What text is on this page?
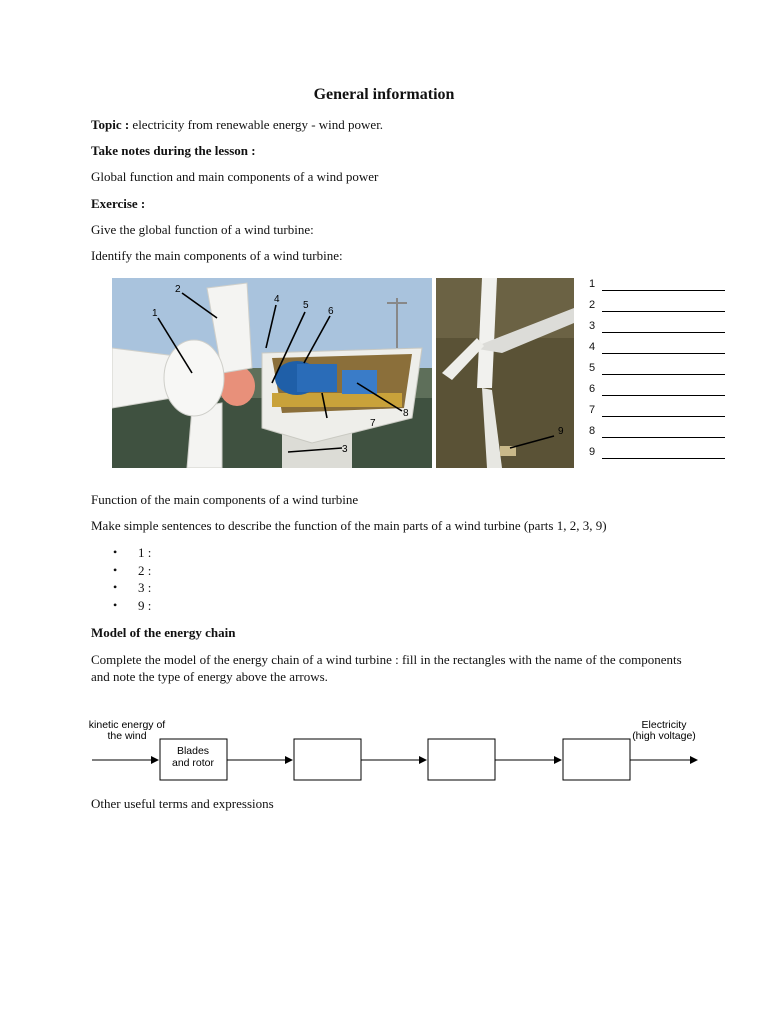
General information
Topic : electricity from renewable energy - wind power.
Take notes during the lesson :
Global function and main components of a wind power
Exercise :
Give the global function of a wind turbine:
Identify the main components of a wind turbine:
1
2
3
4
5
6
7
8
9
1
2
3
4
5
6
7
8
9
Function of the main components of a wind turbine
Make simple sentences to describe the function of the main parts of a wind turbine (parts 1, 2, 3, 9)
• 1 :
• 2 :
• 3 :
• 9 :
Model of the energy chain
Complete the model of the energy chain of a wind turbine : fill in the rectangles with the name of the components and note the type of energy above the arrows.
kinetic energy of
the wind
Electricity
(high voltage)
Blades
and rotor
Other useful terms and expressions
